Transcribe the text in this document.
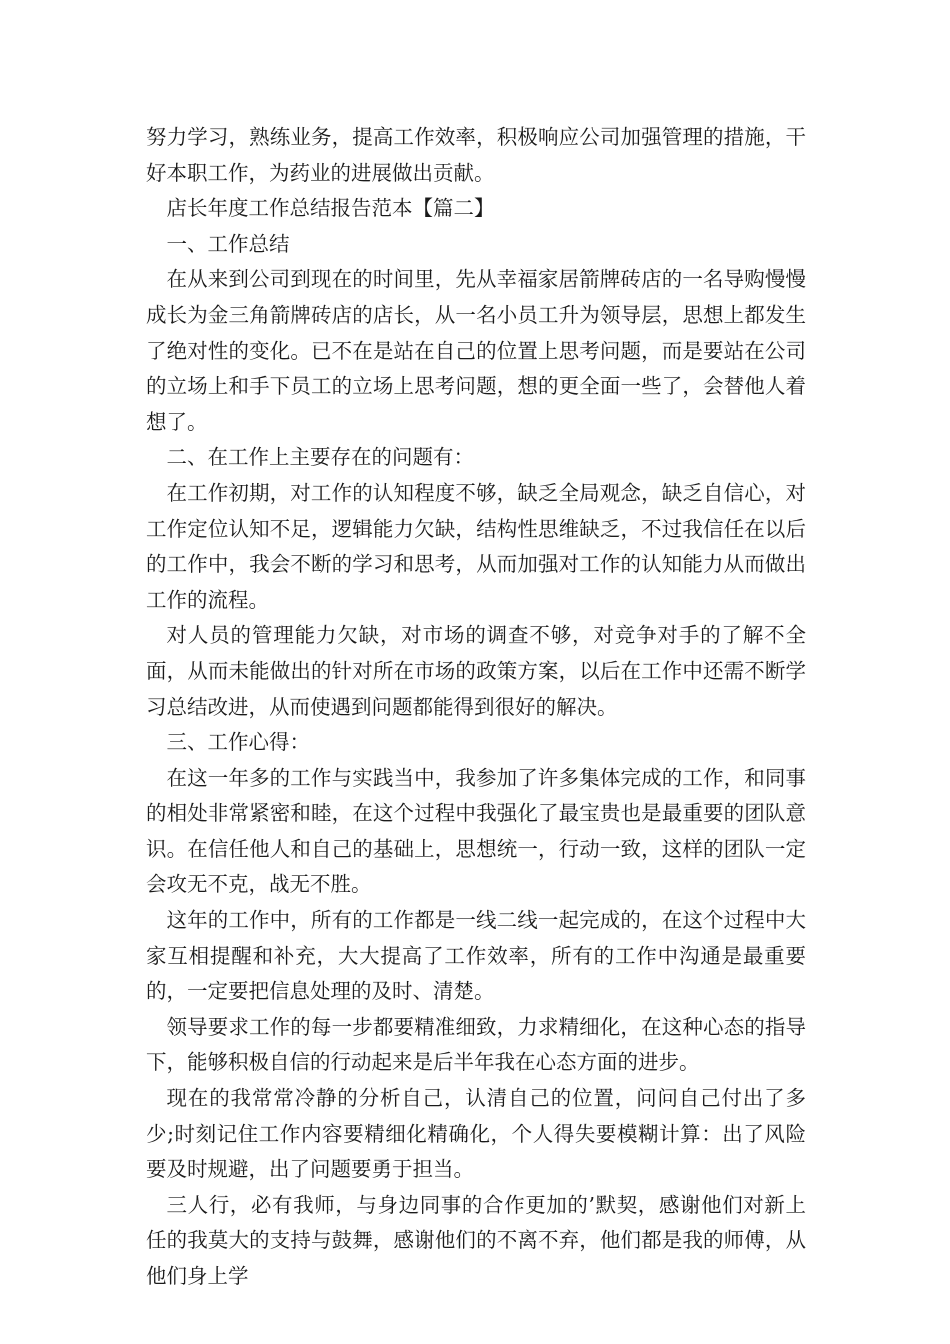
努力学习，熟练业务，提高工作效率，积极响应公司加强管理的措施，干好本职工作，为药业的进展做出贡献。

店长年度工作总结报告范本【篇二】

一、工作总结

在从来到公司到现在的时间里，先从幸福家居箭牌砖店的一名导购慢慢成长为金三角箭牌砖店的店长，从一名小员工升为领导层，思想上都发生了绝对性的变化。已不在是站在自己的位置上思考问题，而是要站在公司的立场上和手下员工的立场上思考问题，想的更全面一些了，会替他人着想了。

二、在工作上主要存在的问题有：

在工作初期，对工作的认知程度不够，缺乏全局观念，缺乏自信心，对工作定位认知不足，逻辑能力欠缺，结构性思维缺乏，不过我信任在以后的工作中，我会不断的学习和思考，从而加强对工作的认知能力从而做出工作的流程。

对人员的管理能力欠缺，对市场的调查不够，对竞争对手的了解不全面，从而未能做出的针对所在市场的政策方案，以后在工作中还需不断学习总结改进，从而使遇到问题都能得到很好的解决。

三、工作心得：

在这一年多的工作与实践当中，我参加了许多集体完成的工作，和同事的相处非常紧密和睦，在这个过程中我强化了最宝贵也是最重要的团队意识。在信任他人和自己的基础上，思想统一，行动一致，这样的团队一定会攻无不克，战无不胜。

这年的工作中，所有的工作都是一线二线一起完成的，在这个过程中大家互相提醒和补充，大大提高了工作效率，所有的工作中沟通是最重要的，一定要把信息处理的及时、清楚。

领导要求工作的每一步都要精准细致，力求精细化，在这种心态的指导下，能够积极自信的行动起来是后半年我在心态方面的进步。

现在的我常常冷静的分析自己，认清自己的位置，问问自己付出了多少;时刻记住工作内容要精细化精确化，个人得失要模糊计算：出了风险要及时规避，出了问题要勇于担当。

三人行，必有我师，与身边同事的合作更加的’默契，感谢他们对新上任的我莫大的支持与鼓舞，感谢他们的不离不弃，他们都是我的师傅，从他们身上学
